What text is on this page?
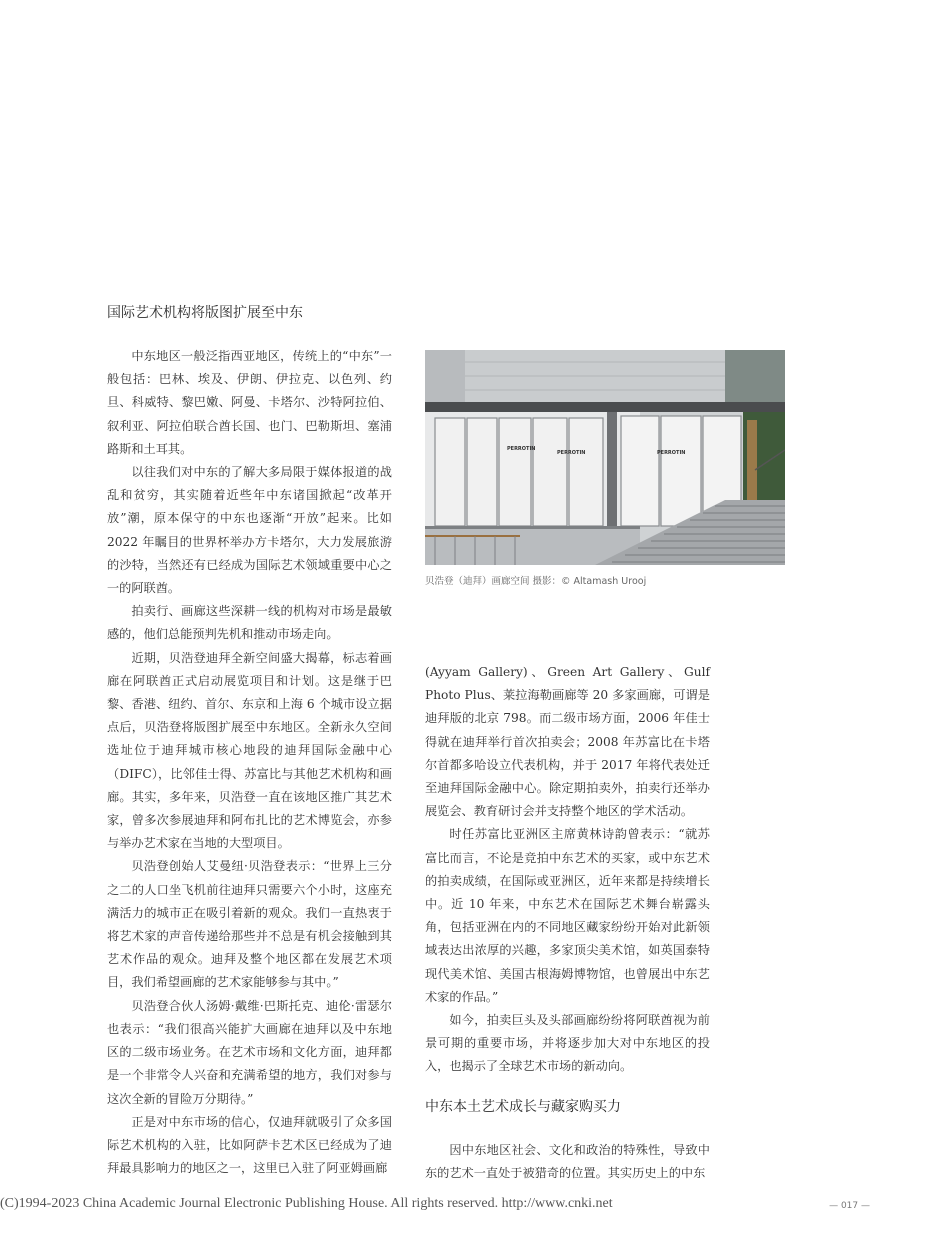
国际艺术机构将版图扩展至中东

中东地区一般泛指西亚地区，传统上的“中东”一般包括：巴林、埃及、伊朗、伊拉克、以色列、约旦、科威特、黎巴嫩、阿曼、卡塔尔、沙特阿拉伯、叙利亚、阿拉伯联合酋长国、也门、巴勒斯坦、塞浦路斯和土耳其。

以往我们对中东的了解大多局限于媒体报道的战乱和贫穷，其实随着近些年中东诸国掀起“改革开放”潮，原本保守的中东也逐渐“开放”起来。比如 2022 年瞩目的世界杯举办方卡塔尔，大力发展旅游的沙特，当然还有已经成为国际艺术领域重要中心之一的阿联酋。

拍卖行、画廊这些深耕一线的机构对市场是最敏感的，他们总能预判先机和推动市场走向。

近期，贝浩登迪拜全新空间盛大揭幕，标志着画廊在阿联酋正式启动展览项目和计划。这是继于巴黎、香港、纽约、首尔、东京和上海 6 个城市设立据点后，贝浩登将版图扩展至中东地区。全新永久空间选址位于迪拜城市核心地段的迪拜国际金融中心（DIFC），比邻佳士得、苏富比与其他艺术机构和画廊。其实，多年来，贝浩登一直在该地区推广其艺术家，曾多次参展迪拜和阿布扎比的艺术博览会，亦参与举办艺术家在当地的大型项目。

贝浩登创始人艾曼纽·贝浩登表示：“世界上三分之二的人口坐飞机前往迪拜只需要六个小时，这座充满活力的城市正在吸引着新的观众。我们一直热衷于将艺术家的声音传递给那些并不总是有机会接触到其艺术作品的观众。迪拜及整个地区都在发展艺术项目，我们希望画廊的艺术家能够参与其中。”

贝浩登合伙人汤姆·戴维·巴斯托克、迪伦·雷瑟尔也表示：“我们很高兴能扩大画廊在迪拜以及中东地区的二级市场业务。在艺术市场和文化方面，迪拜都是一个非常令人兴奋和充满希望的地方，我们对参与这次全新的冒险万分期待。”

正是对中东市场的信心，仅迪拜就吸引了众多国际艺术机构的入驻，比如阿萨卡艺术区已经成为了迪拜最具影响力的地区之一，这里已入驻了阿亚姆画廊

PERROTIN
PERROTIN	PERROTIN
贝浩登（迪拜）画廊空间 摄影：© Altamash Urooj

(Ayyam Gallery)、Green Art Gallery、Gulf Photo Plus、莱拉海勒画廊等 20 多家画廊，可谓是迪拜版的北京 798。而二级市场方面，2006 年佳士得就在迪拜举行首次拍卖会；2008 年苏富比在卡塔尔首都多哈设立代表机构，并于 2017 年将代表处迁至迪拜国际金融中心。除定期拍卖外，拍卖行还举办展览会、教育研讨会并支持整个地区的学术活动。

时任苏富比亚洲区主席黄林诗韵曾表示：“就苏富比而言，不论是竞拍中东艺术的买家，或中东艺术的拍卖成绩，在国际或亚洲区，近年来都是持续增长中。近 10 年来，中东艺术在国际艺术舞台崭露头角，包括亚洲在内的不同地区藏家纷纷开始对此新领域表达出浓厚的兴趣，多家顶尖美术馆，如英国泰特现代美术馆、美国古根海姆博物馆，也曾展出中东艺术家的作品。”

如今，拍卖巨头及头部画廊纷纷将阿联酋视为前景可期的重要市场，并将逐步加大对中东地区的投入，也揭示了全球艺术市场的新动向。

中东本土艺术成长与藏家购买力

因中东地区社会、文化和政治的特殊性，导致中东的艺术一直处于被猎奇的位置。其实历史上的中东

(C)1994-2023 China Academic Journal Electronic Publishing House. All rights reserved. http://www.cnki.net	— 017 —
